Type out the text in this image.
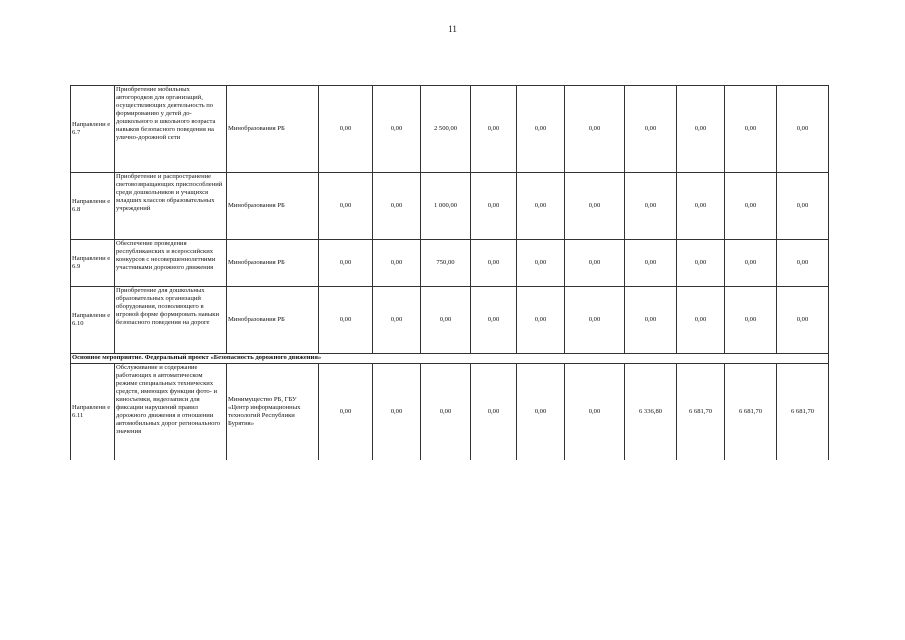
11
Направлени е 6.7	Приобретение мобильных автогородков для организаций, осуществляющих деятельность по формированию у детей до-дошкольного и школьного возраста навыков безопасного поведения на улично-дорожной сети	Минобразования РБ	0,00	0,00	2 500,00	0,00	0,00	0,00	0,00	0,00	0,00	0,00
Направлени е 6.8	Приобретение и распространение световозвращающих приспособлений среди дошкольников и учащихся младших классов образовательных учреждений	Минобразования РБ	0,00	0,00	1 000,00	0,00	0,00	0,00	0,00	0,00	0,00	0,00
Направлени е 6.9	Обеспечение проведения республиканских и всероссийских конкурсов с несовершеннолетними участниками дорожного движения	Минобразования РБ	0,00	0,00	750,00	0,00	0,00	0,00	0,00	0,00	0,00	0,00
Направлени е 6.10	Приобретение для дошкольных образовательных организаций оборудования, позволяющего в игровой форме формировать навыки безопасного поведения на дороге	Минобразования РБ	0,00	0,00	0,00	0,00	0,00	0,00	0,00	0,00	0,00	0,00
Основное мероприятие. Федеральный проект «Безопасность дорожного движения»												
Направлени е 6.11	Обслуживание и содержание работающих в автоматическом режиме специальных технических средств, имеющих функции фото- и киносъемки, видеозаписи для фиксации нарушений правил дорожного движения в отношении автомобильных дорог регионального значения	Минимущество РБ, ГБУ «Центр информационных технологий Республики Бурятия»	0,00	0,00	0,00	0,00	0,00	0,00	6 336,80	6 681,70	6 681,70	6 681,70
